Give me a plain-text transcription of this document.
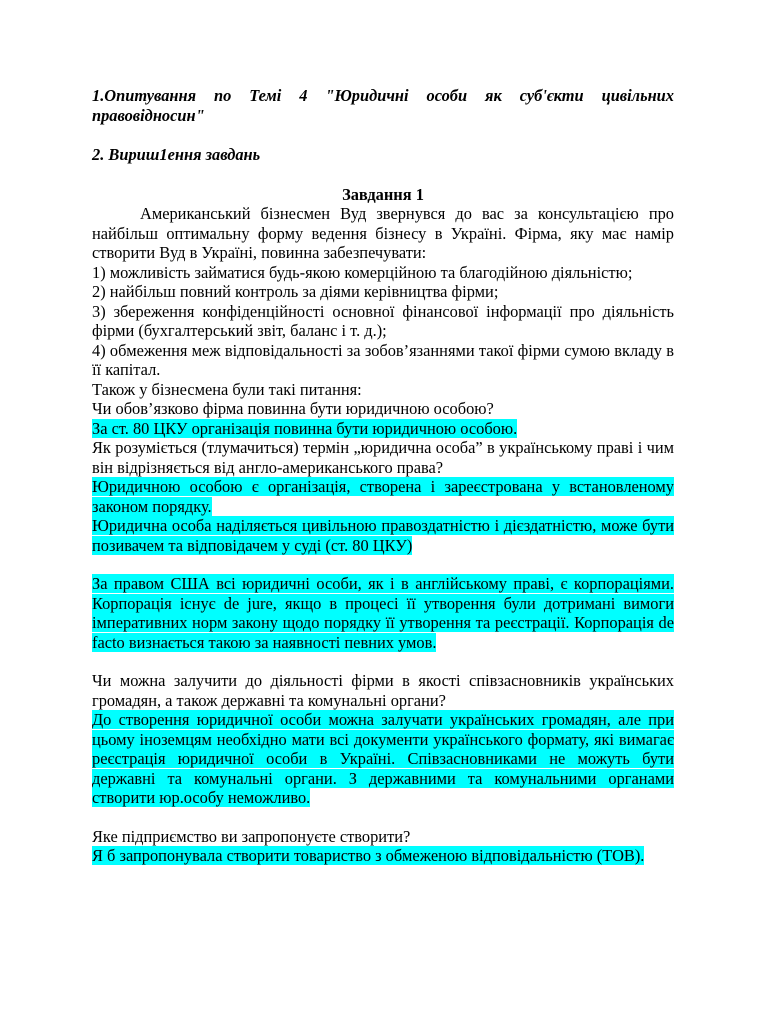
1.Опитування по Темі 4 "Юридичні особи як суб'єкти цивільних правовідносин"

2. Вириш1ення завдань

Завдання 1

Американський бізнесмен Вуд звернувся до вас за консультацією про найбільш оптимальну форму ведення бізнесу в Україні. Фірма, яку має намір створити Вуд в Україні, повинна забезпечувати:

1) можливість займатися будь-якою комерційною та благодійною діяльністю;

2) найбільш повний контроль за діями керівництва фірми;

3) збереження конфіденційності основної фінансової інформації про діяльність фірми (бухгалтерський звіт, баланс і т. д.);

4) обмеження меж відповідальності за зобов’язаннями такої фірми сумою вкладу в її капітал.

Також у бізнесмена були такі питання:

Чи обов’язково фірма повинна бути юридичною особою?

За ст. 80 ЦКУ організація повинна бути юридичною особою.

Як розуміється (тлумачиться) термін „юридична особа” в українському праві і чим він відрізняється від англо-американського права?

Юридичною особою є організація, створена і зареєстрована у встановленому законом порядку.

Юридична особа наділяється цивільною правоздатністю і дієздатністю, може бути позивачем та відповідачем у суді (ст. 80 ЦКУ)

За правом США всі юридичні особи, як і в англійському праві, є корпораціями. Корпорація існує de jure, якщо в процесі її утворення були дотримані вимоги імперативних норм закону щодо порядку її утворення та реєстрації. Корпорація de facto визнається такою за наявності певних умов.

Чи можна залучити до діяльності фірми в якості співзасновників українських громадян, а також державні та комунальні органи?

До створення юридичної особи можна залучати українських громадян, але при цьому іноземцям необхідно мати всі документи українського формату, які вимагає реєстрація юридичної особи в Україні. Співзасновниками не можуть бути державні та комунальні органи. З державними та комунальними органами створити юр.особу неможливо.

Яке підприємство ви запропонуєте створити?

Я б запропонувала створити товариство з обмеженою відповідальністю (ТОВ).
